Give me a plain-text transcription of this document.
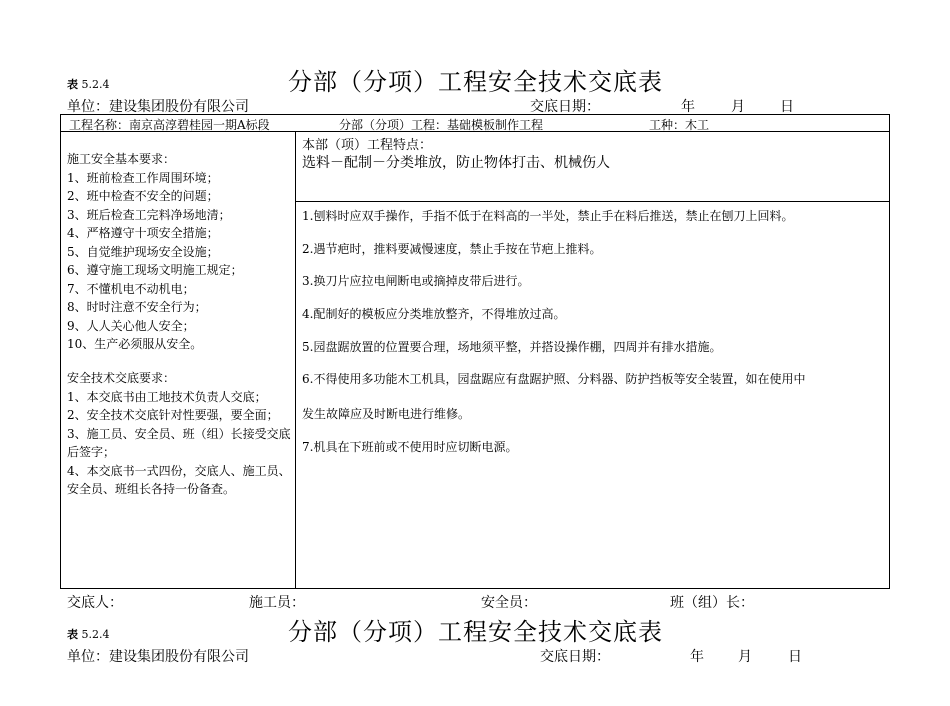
表 5.2.4	分部（分项）工程安全技术交底表
单位：建设集团股份有限公司	交底日期：	年	月	日
工程名称：南京高淳碧桂园一期A标段	分部（分项）工程：基础模板制作工程	工种：木工
施工安全基本要求：
1、班前检查工作周围环境；
2、班中检查不安全的问题；
3、班后检查工完料净场地清；
4、严格遵守十项安全措施；
5、自觉维护现场安全设施；
6、遵守施工现场文明施工规定；
7、不懂机电不动机电；
8、时时注意不安全行为；
9、人人关心他人安全；
10、生产必须服从安全。
安全技术交底要求：
1、本交底书由工地技术负责人交底；
2、安全技术交底针对性要强，要全面；
3、施工员、安全员、班（组）长接受交底后签字；
4、本交底书一式四份，交底人、施工员、安全员、班组长各持一份备查。
本部（项）工程特点：
选料－配制－分类堆放，防止物体打击、机械伤人
1.刨料时应双手操作，手指不低于在料高的一半处，禁止手在料后推送，禁止在刨刀上回料。
2.遇节疤时，推料要减慢速度，禁止手按在节疤上推料。
3.换刀片应拉电闸断电或摘掉皮带后进行。
4.配制好的模板应分类堆放整齐，不得堆放过高。
5.园盘踞放置的位置要合理，场地须平整，并搭设操作棚，四周并有排水措施。
6.不得使用多功能木工机具，园盘踞应有盘踞护照、分料器、防护挡板等安全装置，如在使用中
发生故障应及时断电进行维修。
7.机具在下班前或不使用时应切断电源。
交底人：	施工员：	安全员：	班（组）长：
表 5.2.4	分部（分项）工程安全技术交底表
单位：建设集团股份有限公司	交底日期：	年 月	日
